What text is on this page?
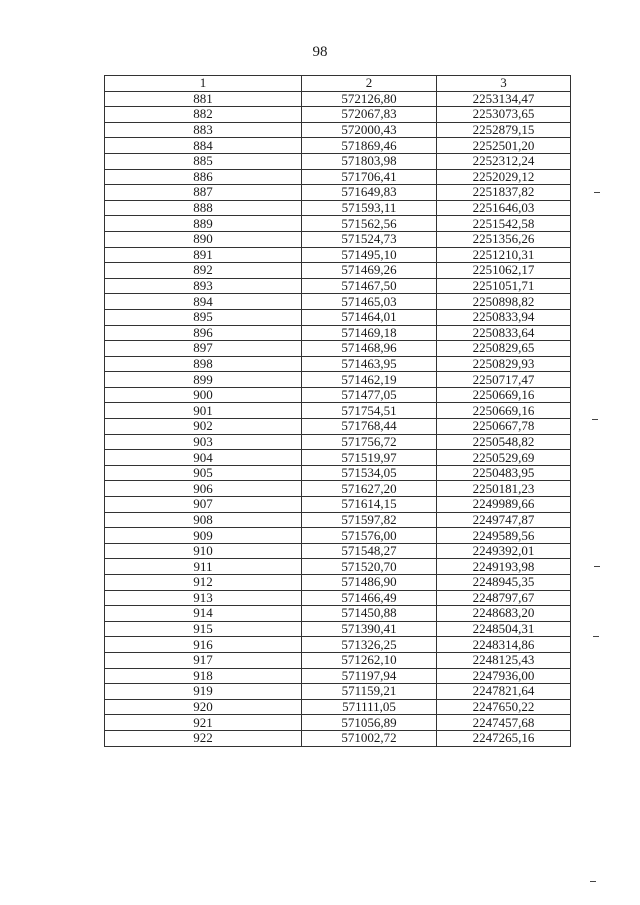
98
1	2	3
881	572126,80	2253134,47
882	572067,83	2253073,65
883	572000,43	2252879,15
884	571869,46	2252501,20
885	571803,98	2252312,24
886	571706,41	2252029,12
887	571649,83	2251837,82
888	571593,11	2251646,03
889	571562,56	2251542,58
890	571524,73	2251356,26
891	571495,10	2251210,31
892	571469,26	2251062,17
893	571467,50	2251051,71
894	571465,03	2250898,82
895	571464,01	2250833,94
896	571469,18	2250833,64
897	571468,96	2250829,65
898	571463,95	2250829,93
899	571462,19	2250717,47
900	571477,05	2250669,16
901	571754,51	2250669,16
902	571768,44	2250667,78
903	571756,72	2250548,82
904	571519,97	2250529,69
905	571534,05	2250483,95
906	571627,20	2250181,23
907	571614,15	2249989,66
908	571597,82	2249747,87
909	571576,00	2249589,56
910	571548,27	2249392,01
911	571520,70	2249193,98
912	571486,90	2248945,35
913	571466,49	2248797,67
914	571450,88	2248683,20
915	571390,41	2248504,31
916	571326,25	2248314,86
917	571262,10	2248125,43
918	571197,94	2247936,00
919	571159,21	2247821,64
920	571111,05	2247650,22
921	571056,89	2247457,68
922	571002,72	2247265,16
